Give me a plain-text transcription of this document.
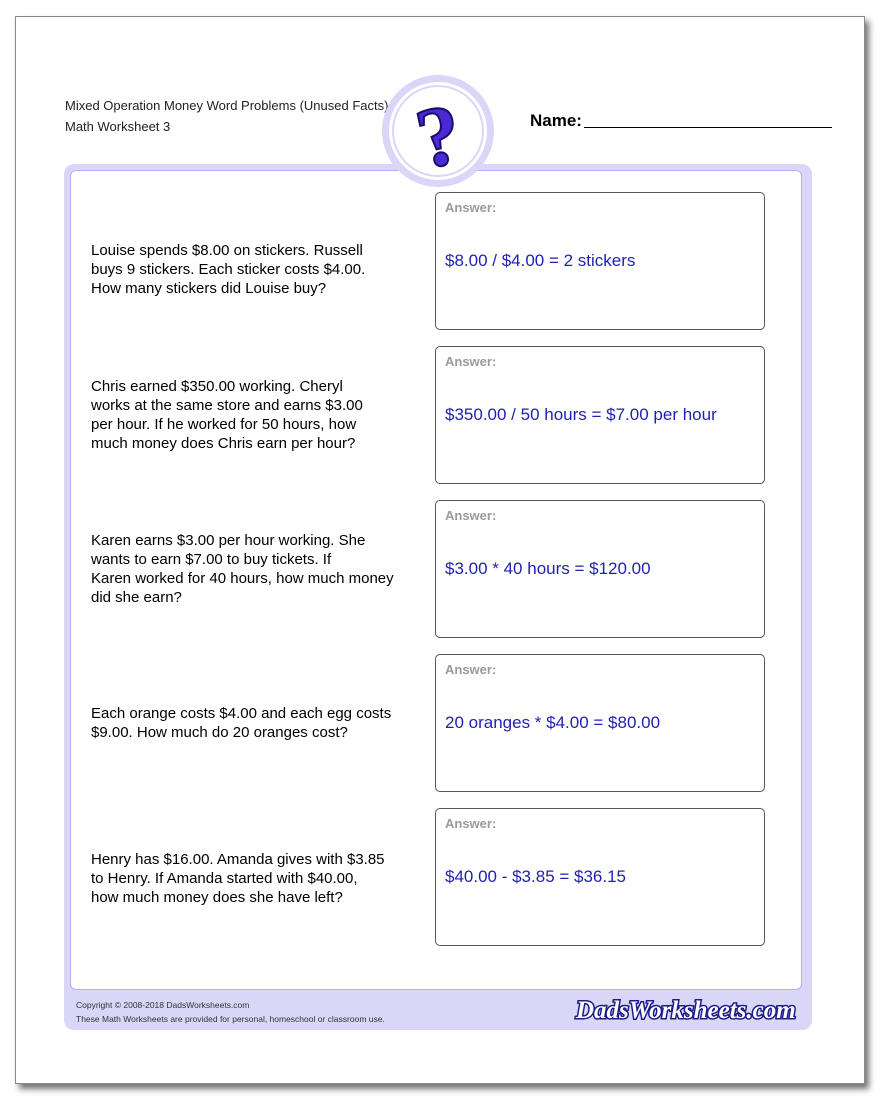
Mixed Operation Money Word Problems (Unused Facts)
Math Worksheet 3	Name:
Louise spends $8.00 on stickers. Russell
buys 9 stickers. Each sticker costs $4.00.
How many stickers did Louise buy?
Answer:
$8.00 / $4.00 = 2 stickers
Chris earned $350.00 working. Cheryl
works at the same store and earns $3.00
per hour. If he worked for 50 hours, how
much money does Chris earn per hour?
Answer:
$350.00 / 50 hours = $7.00 per hour
Karen earns $3.00 per hour working. She
wants to earn $7.00 to buy tickets. If
Karen worked for 40 hours, how much money
did she earn?
Answer:
$3.00 * 40 hours = $120.00
Each orange costs $4.00 and each egg costs
$9.00. How much do 20 oranges cost?
Answer:
20 oranges * $4.00 = $80.00
Henry has $16.00. Amanda gives with $3.85
to Henry. If Amanda started with $40.00,
how much money does she have left?
Answer:
$40.00 - $3.85 = $36.15
Copyright © 2008-2018 DadsWorksheets.com
These Math Worksheets are provided for personal, homeschool or classroom use.	DadsWorksheets.com
?
